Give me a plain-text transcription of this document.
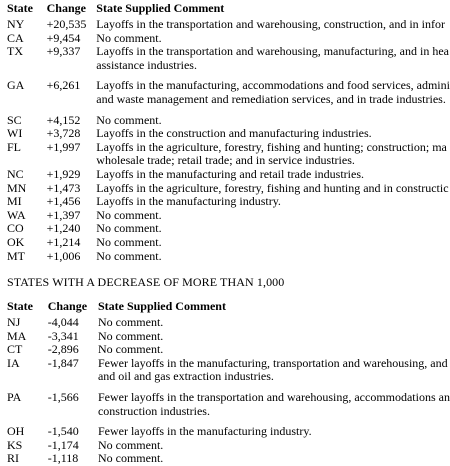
State	Change	State Supplied Comment
NY	+20,535	Layoffs in the transportation and warehousing, construction, and in infor
CA	+9,454	No comment.
TX	+9,337	Layoffs in the transportation and warehousing, manufacturing, and in hea
assistance industries.

GA	+6,261	Layoffs in the manufacturing, accommodations and food services, admini
and waste management and remediation services, and in trade industries.

SC	+4,152	No comment.
WI	+3,728	Layoffs in the construction and manufacturing industries.
FL	+1,997	Layoffs in the agriculture, forestry, fishing and hunting; construction; ma
wholesale trade; retail trade; and in service industries.

NC	+1,929	Layoffs in the manufacturing and retail trade industries.
MN	+1,473	Layoffs in the agriculture, forestry, fishing and hunting and in constructic
MI	+1,456	Layoffs in the manufacturing industry.
WA	+1,397	No comment.
CO	+1,240	No comment.
OK	+1,214	No comment.
MT	+1,006	No comment.
STATES WITH A DECREASE OF MORE THAN 1,000
State	Change	State Supplied Comment
NJ	-4,044	No comment.
MA	-3,341	No comment.
CT	-2,896	No comment.
IA	-1,847	Fewer layoffs in the manufacturing, transportation and warehousing, and
and oil and gas extraction industries.

PA	-1,566	Fewer layoffs in the transportation and warehousing, accommodations an
construction industries.

OH	-1,540	Fewer layoffs in the manufacturing industry.
KS	-1,174	No comment.
RI	-1,118	No comment.
